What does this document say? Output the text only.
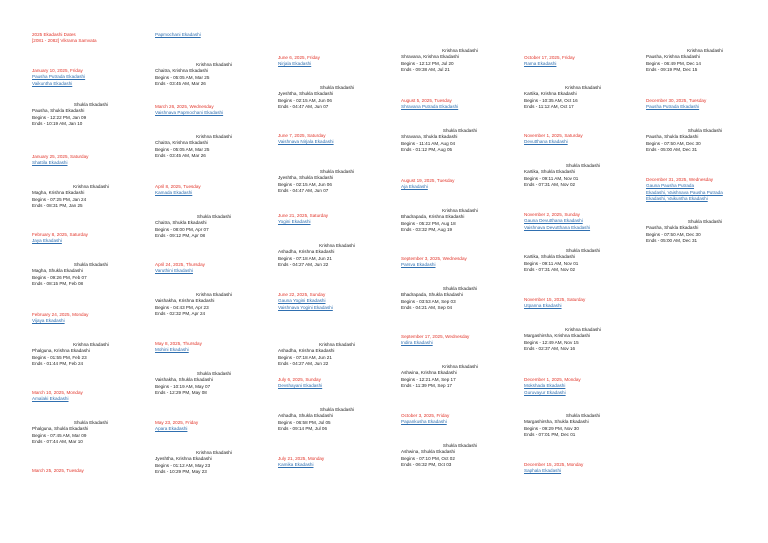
2025 Ekadashi Dates
[2081 - 2082] Vikrama Samvata
January 10, 2025, Friday
Pausha Putrada Ekadashi
Vaikuntha Ekadashi
Shukla Ekadashi
Pausha, Shukla Ekadashi
Begins - 12:22 PM, Jan 09
Ends - 10:19 AM, Jan 10
January 25, 2025, Saturday
Shattila Ekadashi
Krishna Ekadashi
Magha, Krishna Ekadashi
Begins - 07:25 PM, Jan 24
Ends - 08:31 PM, Jan 25
February 8, 2025, Saturday
Jaya Ekadashi
Shukla Ekadashi
Magha, Shukla Ekadashi
Begins - 09:26 PM, Feb 07
Ends - 08:15 PM, Feb 08
February 24, 2025, Monday
Vijaya Ekadashi
Krishna Ekadashi
Phalguna, Krishna Ekadashi
Begins - 01:55 PM, Feb 23
Ends - 01:44 PM, Feb 24
March 10, 2025, Monday
Amalaki Ekadashi
Shukla Ekadashi
Phalguna, Shukla Ekadashi
Begins - 07:45 AM, Mar 09
Ends - 07:44 AM, Mar 10
March 25, 2025, Tuesday
Papmochani Ekadashi
Krishna Ekadashi
Chaitra, Krishna Ekadashi
Begins - 05:05 AM, Mar 25
Ends - 03:45 AM, Mar 26
March 26, 2025, Wednesday
Vaishnava Papmochani Ekadashi
Krishna Ekadashi
Chaitra, Krishna Ekadashi
Begins - 05:05 AM, Mar 25
Ends - 03:45 AM, Mar 26
April 8, 2025, Tuesday
Kamada Ekadashi
Shukla Ekadashi
Chaitra, Shukla Ekadashi
Begins - 08:00 PM, Apr 07
Ends - 09:12 PM, Apr 08
April 24, 2025, Thursday
Varuthini Ekadashi
Krishna Ekadashi
Vaishakha, Krishna Ekadashi
Begins - 04:43 PM, Apr 23
Ends - 02:32 PM, Apr 24
May 8, 2025, Thursday
Mohini Ekadashi
Shukla Ekadashi
Vaishakha, Shukla Ekadashi
Begins - 10:19 AM, May 07
Ends - 12:29 PM, May 08
May 23, 2025, Friday
Apara Ekadashi
Krishna Ekadashi
Jyeshtha, Krishna Ekadashi
Begins - 01:12 AM, May 23
Ends - 10:29 PM, May 23
June 6, 2025, Friday
Nirjala Ekadashi
Shukla Ekadashi
Jyeshtha, Shukla Ekadashi
Begins - 02:15 AM, Jun 06
Ends - 04:47 AM, Jun 07
June 7, 2025, Saturday
Vaishnava Nirjala Ekadashi
Shukla Ekadashi
Jyeshtha, Shukla Ekadashi
Begins - 02:15 AM, Jun 06
Ends - 04:47 AM, Jun 07
June 21, 2025, Saturday
Yogini Ekadashi
Krishna Ekadashi
Ashadha, Krishna Ekadashi
Begins - 07:18 AM, Jun 21
Ends - 04:27 AM, Jun 22
June 22, 2025, Sunday
Gauna Yogini Ekadashi
Vaishnava Yogini Ekadashi
Krishna Ekadashi
Ashadha, Krishna Ekadashi
Begins - 07:18 AM, Jun 21
Ends - 04:27 AM, Jun 22
July 6, 2025, Sunday
Devshayani Ekadashi
Shukla Ekadashi
Ashadha, Shukla Ekadashi
Begins - 06:58 PM, Jul 05
Ends - 09:14 PM, Jul 06
July 21, 2025, Monday
Kamika Ekadashi
Krishna Ekadashi
Shravana, Krishna Ekadashi
Begins - 12:12 PM, Jul 20
Ends - 09:38 AM, Jul 21
August 5, 2025, Tuesday
Shravana Putrada Ekadashi
Shukla Ekadashi
Shravana, Shukla Ekadashi
Begins - 11:41 AM, Aug 04
Ends - 01:12 PM, Aug 05
August 19, 2025, Tuesday
Aja Ekadashi
Krishna Ekadashi
Bhadrapada, Krishna Ekadashi
Begins - 05:22 PM, Aug 18
Ends - 03:32 PM, Aug 19
September 3, 2025, Wednesday
Parsva Ekadashi
Shukla Ekadashi
Bhadrapada, Shukla Ekadashi
Begins - 03:53 AM, Sep 03
Ends - 04:21 AM, Sep 04
September 17, 2025, Wednesday
Indira Ekadashi
Krishna Ekadashi
Ashwina, Krishna Ekadashi
Begins - 12:21 AM, Sep 17
Ends - 11:39 PM, Sep 17
October 3, 2025, Friday
Papankusha Ekadashi
Shukla Ekadashi
Ashwina, Shukla Ekadashi
Begins - 07:10 PM, Oct 02
Ends - 06:32 PM, Oct 03
October 17, 2025, Friday
Rama Ekadashi
Krishna Ekadashi
Kartika, Krishna Ekadashi
Begins - 10:35 AM, Oct 16
Ends - 11:12 AM, Oct 17
November 1, 2025, Saturday
Devutthana Ekadashi
Shukla Ekadashi
Kartika, Shukla Ekadashi
Begins - 09:11 AM, Nov 01
Ends - 07:31 AM, Nov 02
November 2, 2025, Sunday
Gauna Devutthana Ekadashi
Vaishnava Devutthana Ekadashi
Shukla Ekadashi
Kartika, Shukla Ekadashi
Begins - 09:11 AM, Nov 01
Ends - 07:31 AM, Nov 02
November 15, 2025, Saturday
Utpanna Ekadashi
Krishna Ekadashi
Margashirsha, Krishna Ekadashi
Begins - 12:49 AM, Nov 15
Ends - 02:37 AM, Nov 16
December 1, 2025, Monday
Mokshada Ekadashi
Guruvayur Ekadashi
Shukla Ekadashi
Margashirsha, Shukla Ekadashi
Begins - 09:29 PM, Nov 30
Ends - 07:01 PM, Dec 01
December 15, 2025, Monday
Saphala Ekadashi
Krishna Ekadashi
Pausha, Krishna Ekadashi
Begins - 06:49 PM, Dec 14
Ends - 09:19 PM, Dec 15
December 30, 2025, Tuesday
Pausha Putrada Ekadashi
Shukla Ekadashi
Pausha, Shukla Ekadashi
Begins - 07:50 AM, Dec 30
Ends - 05:00 AM, Dec 31
December 31, 2025, Wednesday
Gauna Pausha Putrada
Ekadashi, Vaishnava Pausha Putrada
Ekadashi, Vaikuntha Ekadashi
Shukla Ekadashi
Pausha, Shukla Ekadashi
Begins - 07:50 AM, Dec 30
Ends - 05:00 AM, Dec 31
